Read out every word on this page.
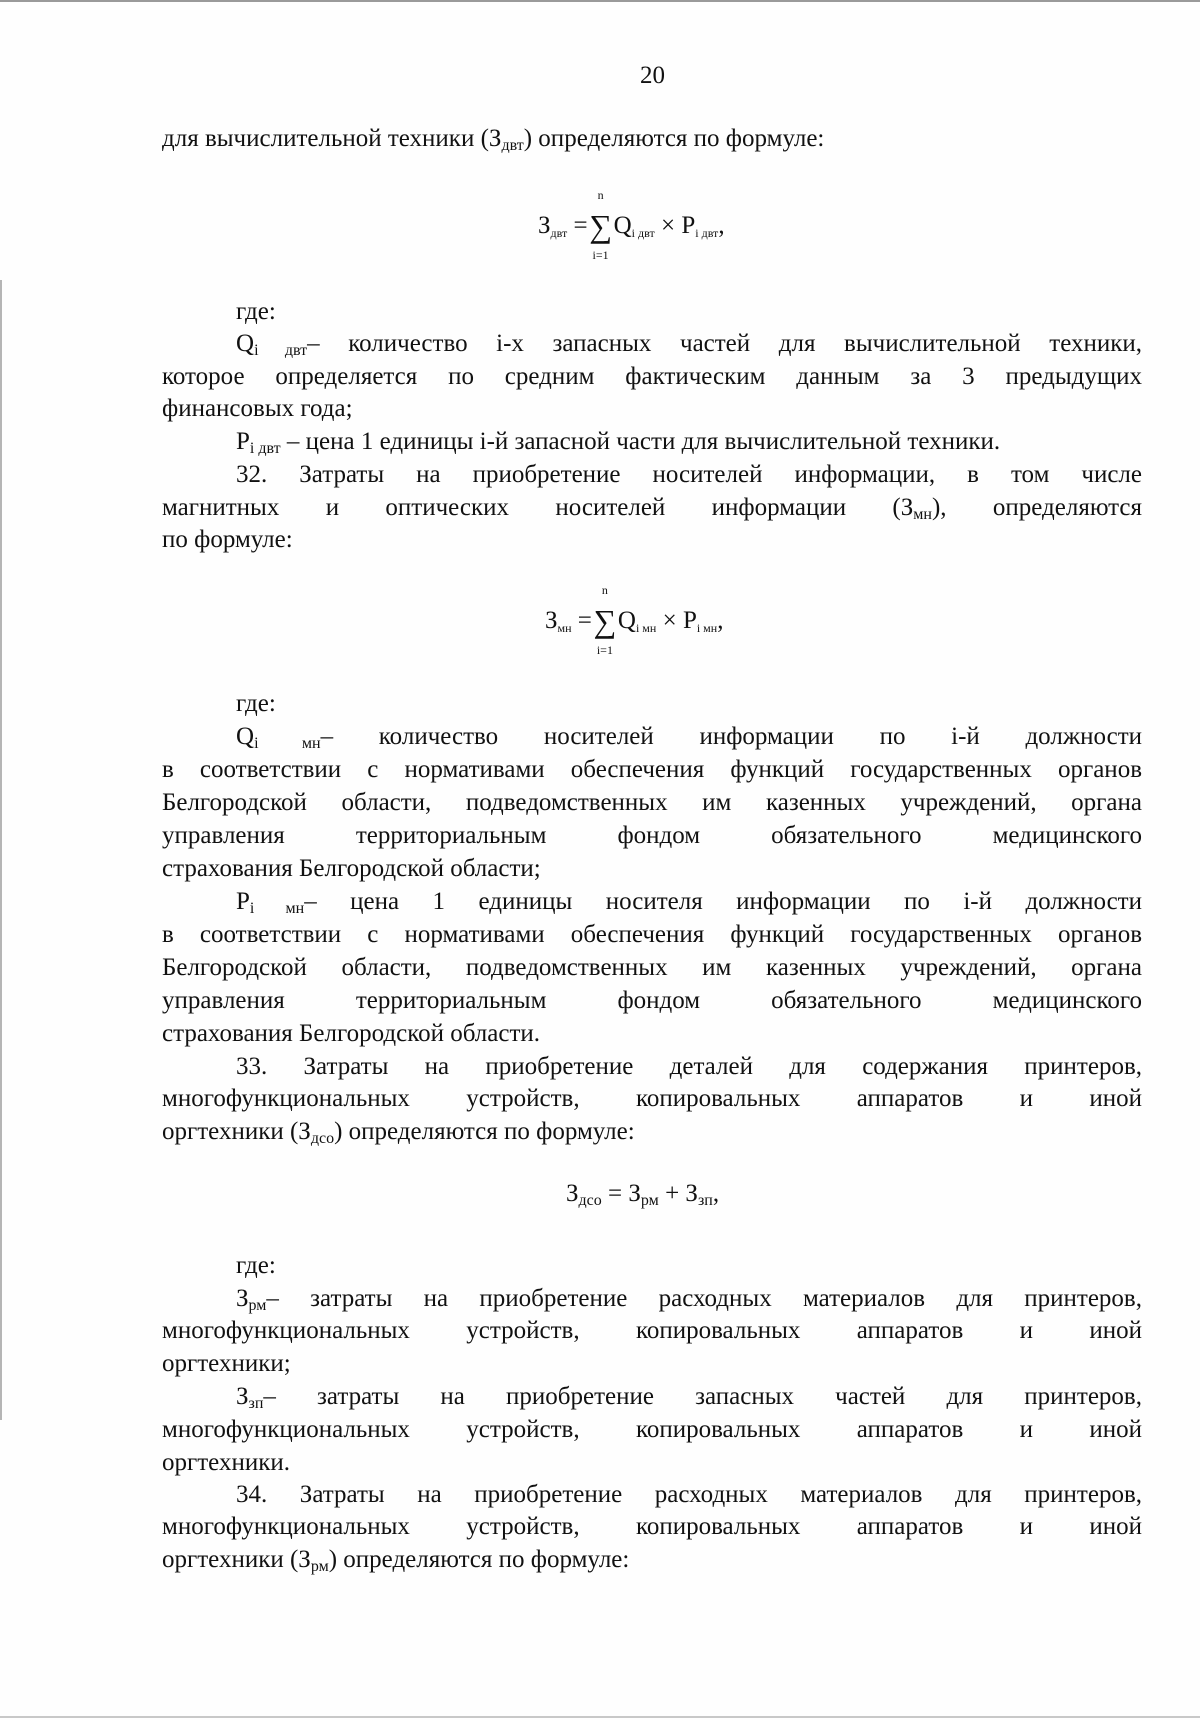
20
для вычислительной техники $(З_{двт})$ определяются по формуле:
$З_{двт}$ =∑
n
i=1
$Q_{i двт} \times P_{i двт}$,
где:
$Q_{i двт}-$ количество i-х запасных частей для вычислительной техники,
которое определяется по средним фактическим данным за 3 предыдущих
финансовых года;
$P_{i двт}$ – цена 1 единицы i-й запасной части для вычислительной техники.
32. Затраты на приобретение носителей информации, в том числе
магнитных и оптических носителей информации $(З_{мн})$, определяются
по формуле:
$З_{мн}$ =∑
n
i=1
$Q_{i мн} \times P_{i мн}$,
где:
$Q_{i мн}-$ количество носителей информации по i-й должности
в соответствии с нормативами обеспечения функций государственных органов
Белгородской области, подведомственных им казенных учреждений, органа
управления территориальным фондом обязательного медицинского
страхования Белгородской области;
$P_{i мн}-$ цена 1 единицы носителя информации по i-й должности
в соответствии с нормативами обеспечения функций государственных органов
Белгородской области, подведомственных им казенных учреждений, органа
управления территориальным фондом обязательного медицинского
страхования Белгородской области.
33. Затраты на приобретение деталей для содержания принтеров,
многофункциональных устройств, копировальных аппаратов и иной
оргтехники $(З_{дсо})$ определяются по формуле:
$З_{дсо} = З_{рм} + З_{зп}$,
где:
$З_{рм}-$ затраты на приобретение расходных материалов для принтеров,
многофункциональных устройств, копировальных аппаратов и иной
оргтехники;
$З_{зп}-$ затраты на приобретение запасных частей для принтеров,
многофункциональных устройств, копировальных аппаратов и иной
оргтехники.
34. Затраты на приобретение расходных материалов для принтеров,
многофункциональных устройств, копировальных аппаратов и иной
оргтехники $(З_{рм})$ определяются по формуле:
